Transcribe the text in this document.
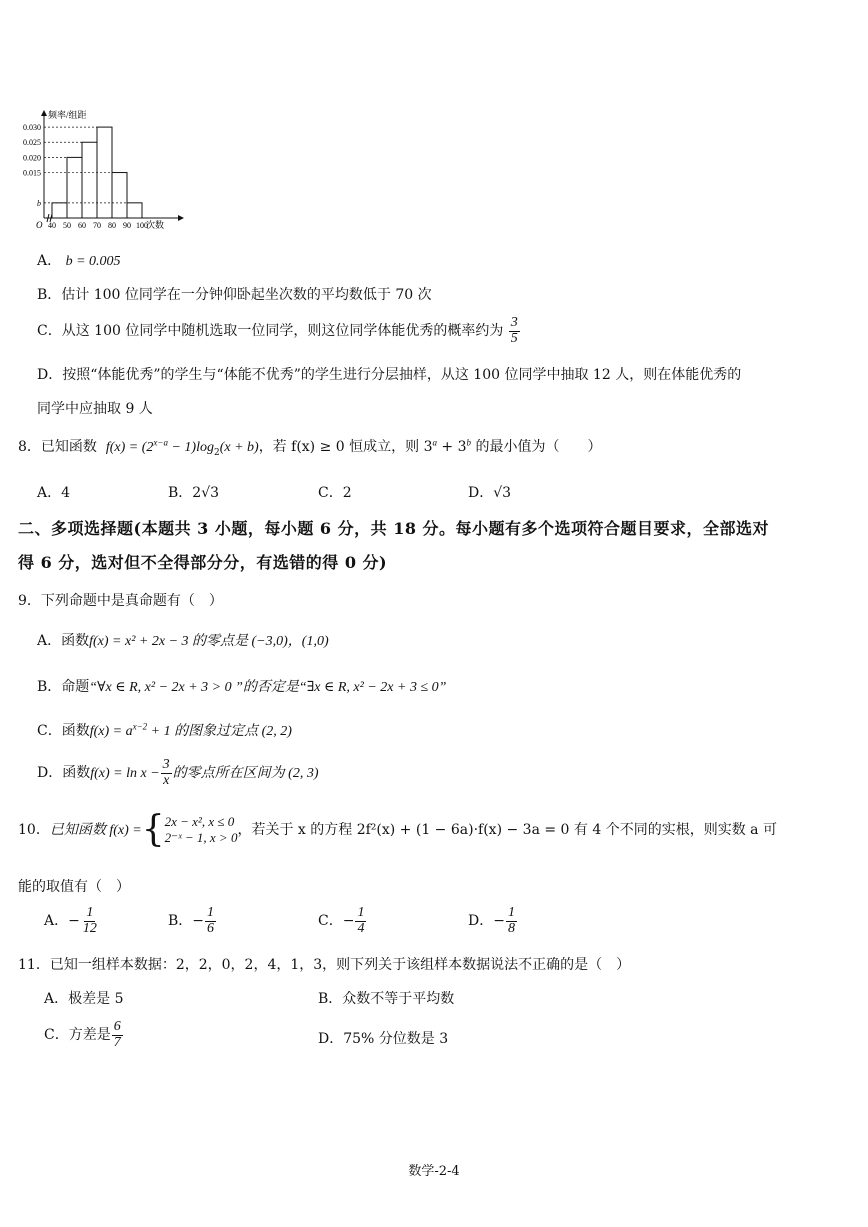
0.030
0.025
0.020
0.015
b
40 50 60 70 80 90 100
次数
频率/组距
O
A． b = 0.005
B．估计 100 位同学在一分钟仰卧起坐次数的平均数低于 70 次
C．从这 100 位同学中随机选取一位同学，则这位同学体能优秀的概率约为 $\frac{3}{5}$
D．按照“体能优秀”的学生与“体能不优秀”的学生进行分层抽样，从这 100 位同学中抽取 12 人，则在体能优秀的
同学中应抽取 9 人
8．已知函数 $f(x) = (2^{x-a} - 1)\log_2(x + b)$，若 f(x) ≥ 0 恒成立，则 $3^a + 3^b$ 的最小值为（　　）
A．4	B．2√3	C．2	D．√3
二、多项选择题(本题共 3 小题，每小题 6 分，共 18 分。每小题有多个选项符合题目要求，全部选对
得 6 分，选对但不全得部分分，有选错的得 0 分)
9．下列命题中是真命题有（　）
A．函数f(x) = x² + 2x − 3 的零点是 (−3,0)，(1,0)
B．命题“∀x ∈ R, x² − 2x + 3 > 0 ”的否定是“∃x ∈ R, x² − 2x + 3 ≤ 0”
C．函数$f(x) = a^{x-2} + 1$ 的图象过定点 (2, 2)
D．函数$f(x) = \ln x - \frac{3}{x}$ 的零点所在区间为 (2, 3)
10．已知函数 f(x) ={ 2x − x², x ≤ 0
2⁻ˣ − 1, x > 0 ，若关于 x 的方程 2f²(x) + (1 − 6a)·f(x) − 3a = 0 有 4 个不同的实根，则实数 a 可
能的取值有（　）
A．− $\frac{1}{12}$	B．− $\frac{1}{6}$	C．− $\frac{1}{4}$	D．− $\frac{1}{8}$
11．已知一组样本数据：2，2，0，2，4，1，3，则下列关于该组样本数据说法不正确的是（　）
A．极差是 5	B．众数不等于平均数
C．方差是 $\frac{6}{7}$	D．75% 分位数是 3
数学-2-4
